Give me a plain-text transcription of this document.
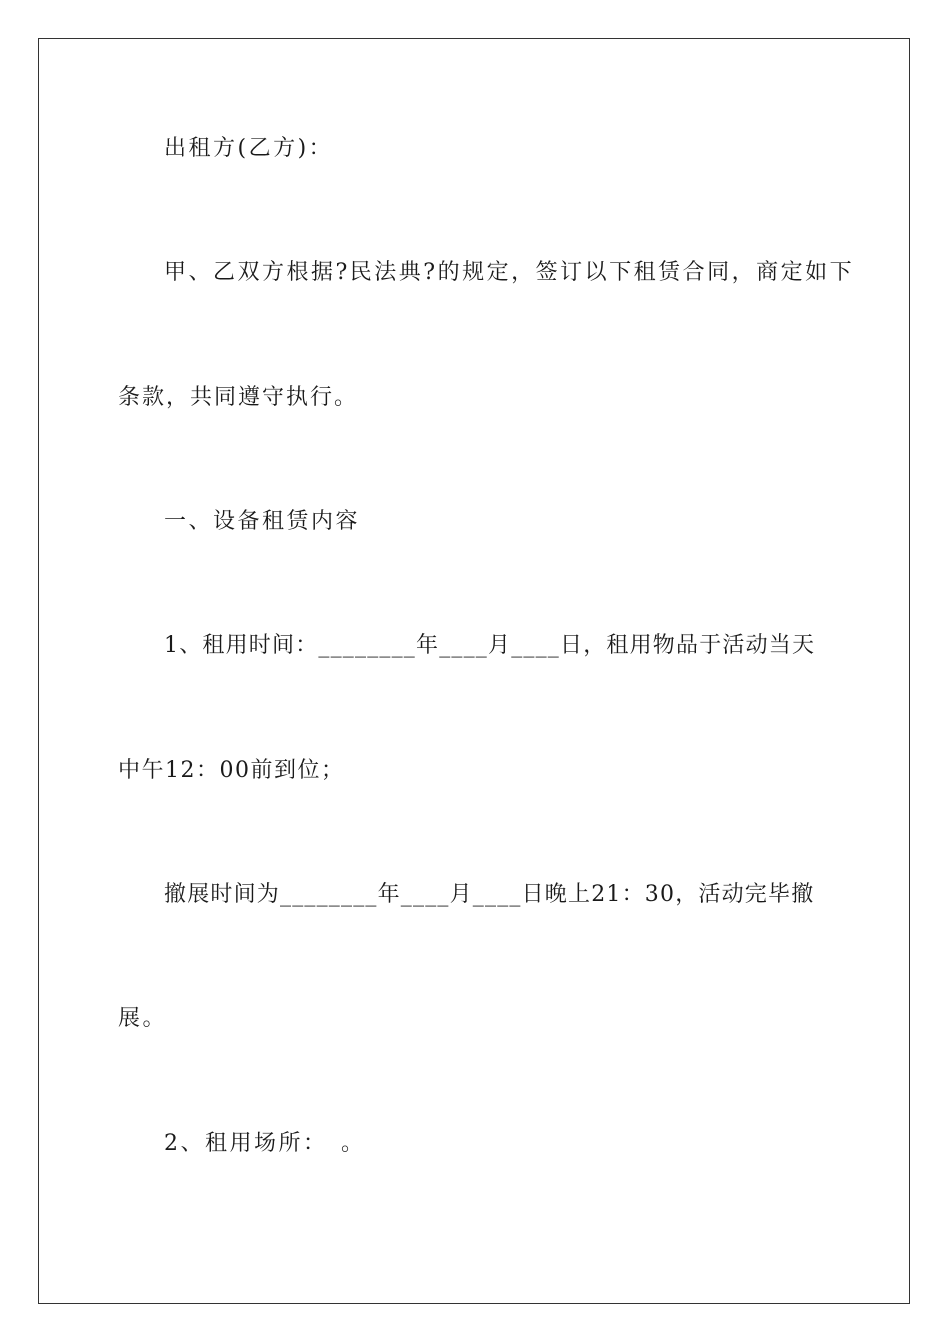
出租方(乙方)：

甲、乙双方根据?民法典?的规定，签订以下租赁合同，商定如下

条款，共同遵守执行。

一、设备租赁内容

1、租用时间：________年____月____日，租用物品于活动当天

中午12：00前到位；

撤展时间为________年____月____日晚上21：30，活动完毕撤

展。

2、租用场所：　。
